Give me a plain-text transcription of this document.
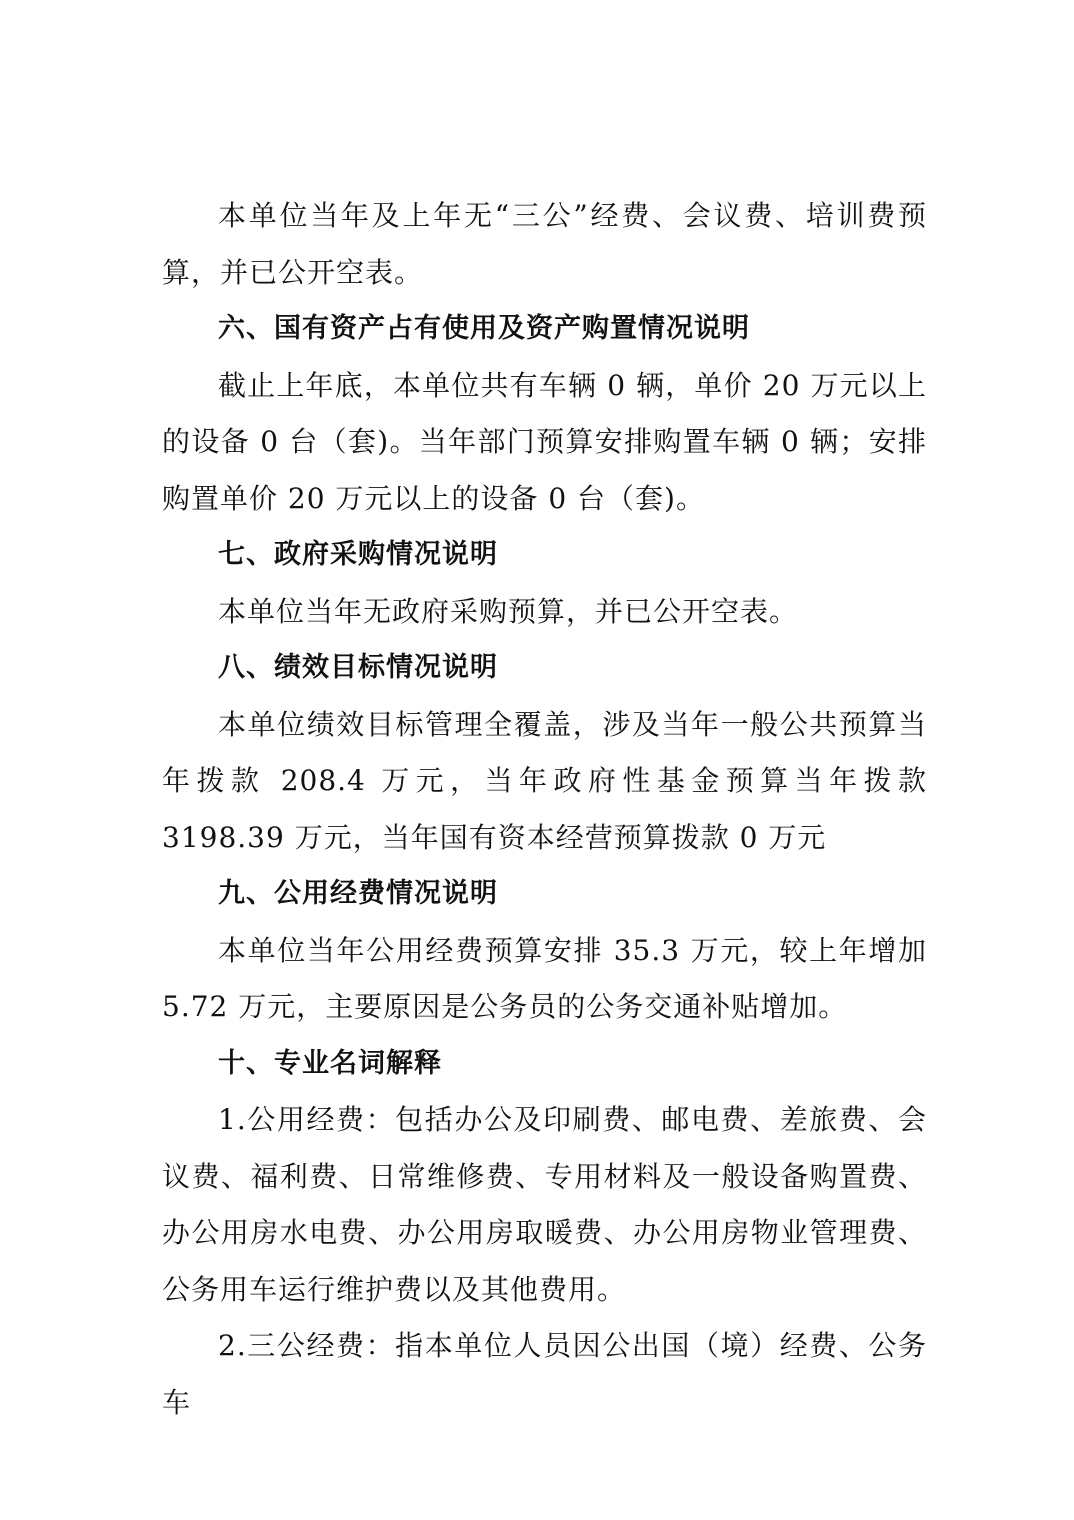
本单位当年及上年无“三公”经费、会议费、培训费预算，并已公开空表。

六、国有资产占有使用及资产购置情况说明

截止上年底，本单位共有车辆 0 辆，单价 20 万元以上的设备 0 台（套)。当年部门预算安排购置车辆 0 辆；安排购置单价 20 万元以上的设备 0 台（套)。

七、政府采购情况说明

本单位当年无政府采购预算，并已公开空表。

八、绩效目标情况说明

本单位绩效目标管理全覆盖，涉及当年一般公共预算当年拨款 208.4 万元，当年政府性基金预算当年拨款 3198.39 万元，当年国有资本经营预算拨款 0 万元

九、公用经费情况说明

本单位当年公用经费预算安排 35.3 万元，较上年增加 5.72 万元，主要原因是公务员的公务交通补贴增加。

十、专业名词解释

1.公用经费：包括办公及印刷费、邮电费、差旅费、会议费、福利费、日常维修费、专用材料及一般设备购置费、办公用房水电费、办公用房取暖费、办公用房物业管理费、公务用车运行维护费以及其他费用。

2.三公经费：指本单位人员因公出国（境）经费、公务车
